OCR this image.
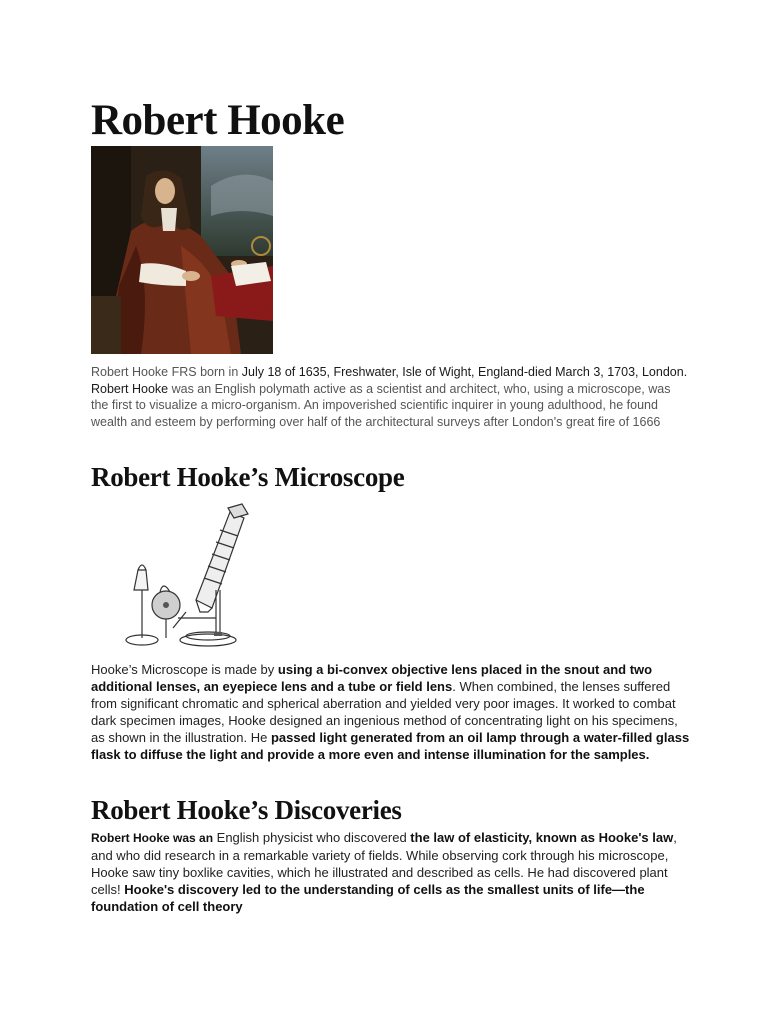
Robert Hooke
Robert Hooke FRS born in July 18 of 1635, Freshwater, Isle of Wight, England-died March 3, 1703, London. Robert Hooke was an English polymath active as a scientist and architect, who, using a microscope, was the first to visualize a micro-organism. An impoverished scientific inquirer in young adulthood, he found wealth and esteem by performing over half of the architectural surveys after London's great fire of 1666
Robert Hooke’s Microscope
Hooke’s Microscope is made by using a bi-convex objective lens placed in the snout and two additional lenses, an eyepiece lens and a tube or field lens. When combined, the lenses suffered from significant chromatic and spherical aberration and yielded very poor images. It worked to combat dark specimen images, Hooke designed an ingenious method of concentrating light on his specimens, as shown in the illustration. He passed light generated from an oil lamp through a water-filled glass flask to diffuse the light and provide a more even and intense illumination for the samples.
Robert Hooke’s Discoveries
Robert Hooke was an English physicist who discovered the law of elasticity, known as Hooke's law, and who did research in a remarkable variety of fields. While observing cork through his microscope, Hooke saw tiny boxlike cavities, which he illustrated and described as cells. He had discovered plant cells! Hooke's discovery led to the understanding of cells as the smallest units of life—the foundation of cell theory
